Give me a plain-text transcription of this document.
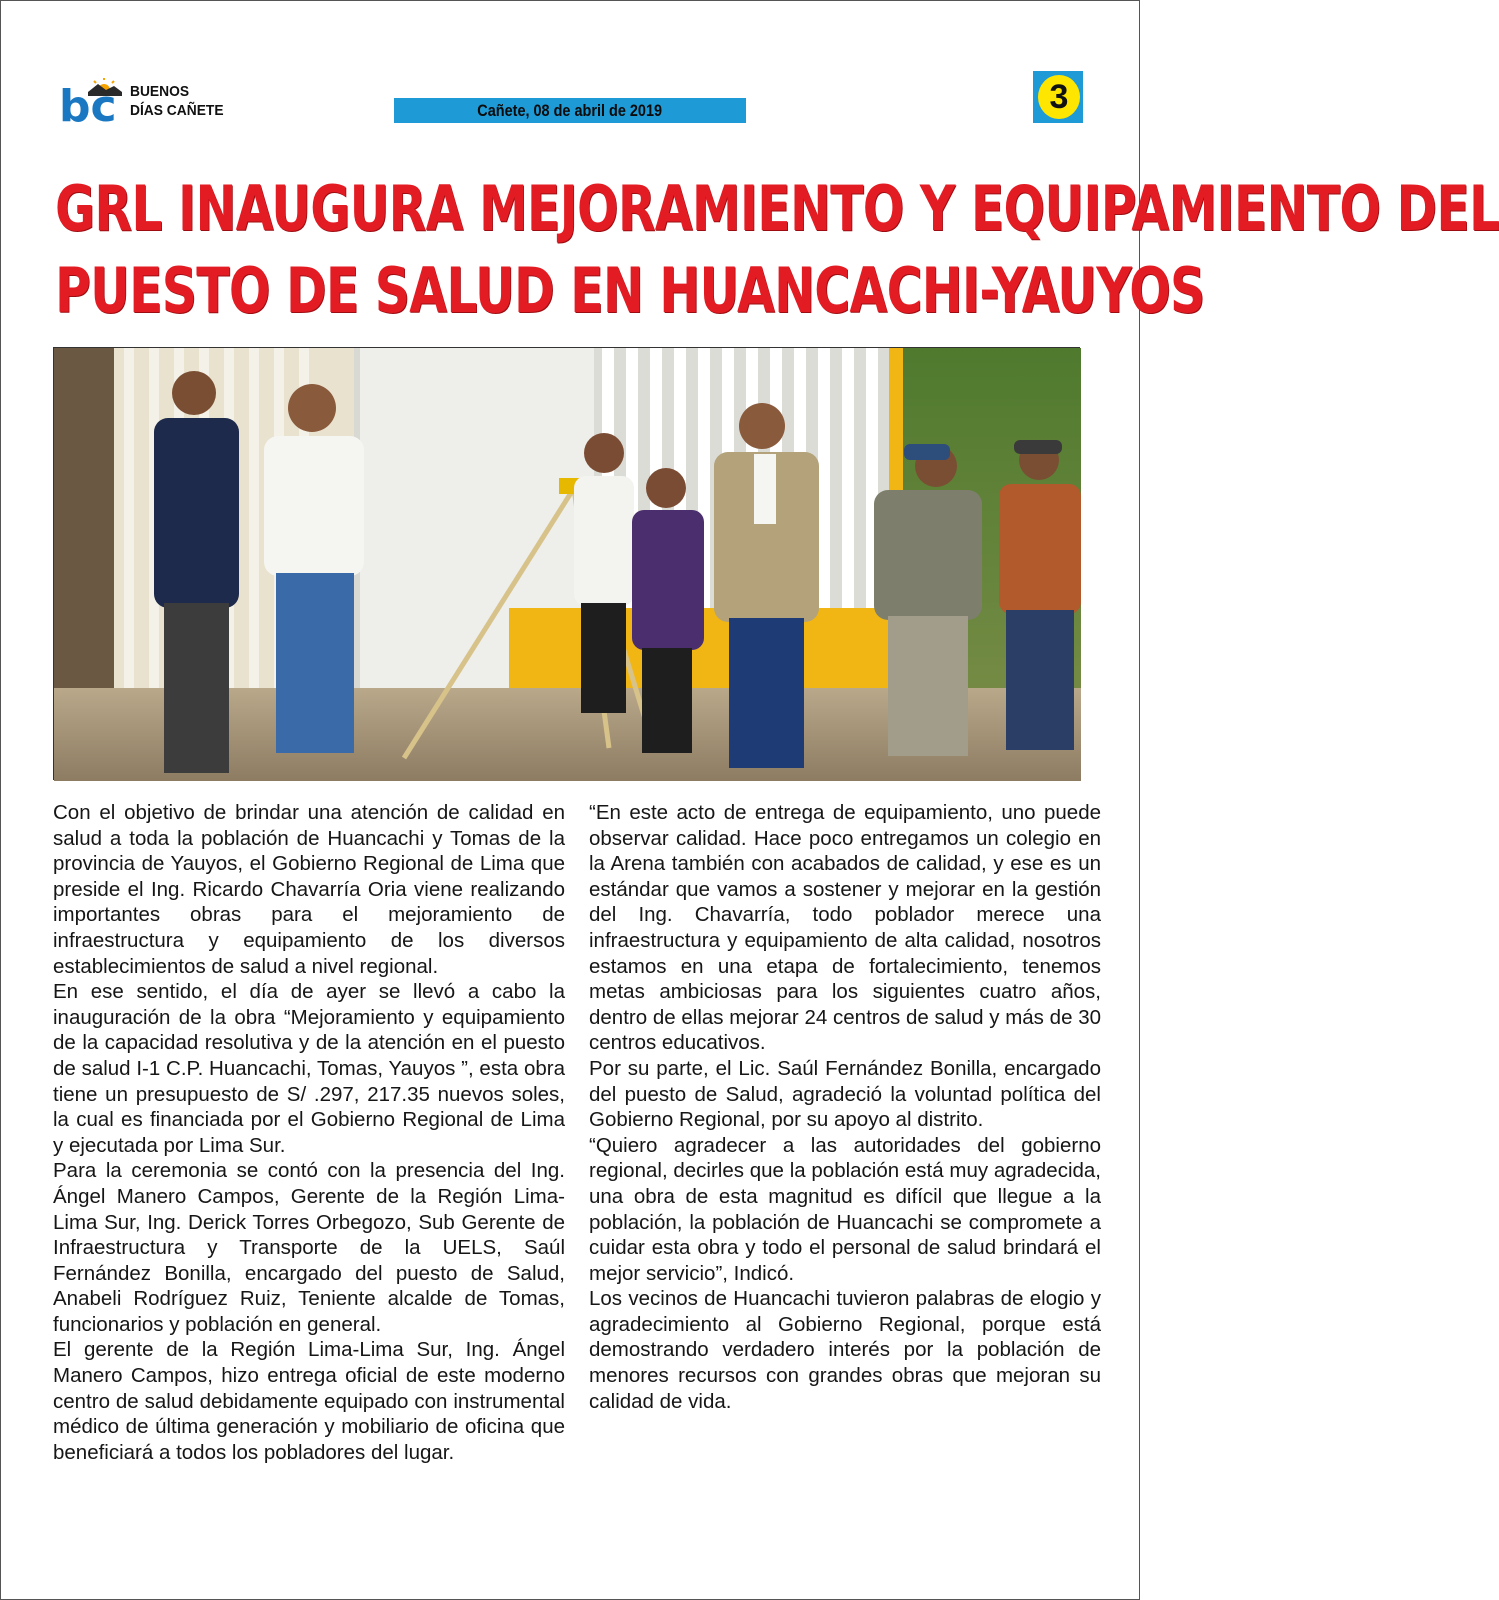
bc BUENOS
DÍAS CAÑETE	Cañete, 08 de abril de 2019	3
GRL INAUGURA MEJORAMIENTO Y EQUIPAMIENTO DEL
PUESTO DE SALUD EN HUANCACHI-YAUYOS

Con el objetivo de brindar una atención de calidad en salud a toda la población de Huancachi y Tomas de la provincia de Yauyos, el Gobierno Regional de Lima que preside el Ing. Ricardo Chavarría Oria viene realizando importantes obras para el mejoramiento de infraestructura y equipamiento de los diversos establecimientos de salud a nivel regional.

En ese sentido, el día de ayer se llevó a cabo la inauguración de la obra “Mejoramiento y equipamiento de la capacidad resolutiva y de la atención en el puesto de salud I-1 C.P. Huancachi, Tomas, Yauyos ”, esta obra tiene un presupuesto de S/ .297, 217.35 nuevos soles, la cual es financiada por el Gobierno Regional de Lima y ejecutada por Lima Sur.

Para la ceremonia se contó con la presencia del Ing. Ángel Manero Campos, Gerente de la Región Lima-Lima Sur, Ing. Derick Torres Orbegozo, Sub Gerente de Infraestructura y Transporte de la UELS, Saúl Fernández Bonilla, encargado del puesto de Salud, Anabeli Rodríguez Ruiz, Teniente alcalde de Tomas, funcionarios y población en general.

El gerente de la Región Lima-Lima Sur, Ing. Ángel Manero Campos, hizo entrega oficial de este moderno centro de salud debidamente equipado con instrumental médico de última generación y mobiliario de oficina que beneficiará a todos los pobladores del lugar.

“En este acto de entrega de equipamiento, uno puede observar calidad. Hace poco entregamos un colegio en la Arena también con acabados de calidad, y ese es un estándar que vamos a sostener y mejorar en la gestión del Ing. Chavarría, todo poblador merece una infraestructura y equipamiento de alta calidad, nosotros estamos en una etapa de fortalecimiento, tenemos metas ambiciosas para los siguientes cuatro años, dentro de ellas mejorar 24 centros de salud y más de 30 centros educativos.

Por su parte, el Lic. Saúl Fernández Bonilla, encargado del puesto de Salud, agradeció la voluntad política del Gobierno Regional, por su apoyo al distrito.

“Quiero agradecer a las autoridades del gobierno regional, decirles que la población está muy agradecida, una obra de esta magnitud es difícil que llegue a la población, la población de Huancachi se compromete a cuidar esta obra y todo el personal de salud brindará el mejor servicio”, Indicó.

Los vecinos de Huancachi tuvieron palabras de elogio y agradecimiento al Gobierno Regional, porque está demostrando verdadero interés por la población de menores recursos con grandes obras que mejoran su calidad de vida.
